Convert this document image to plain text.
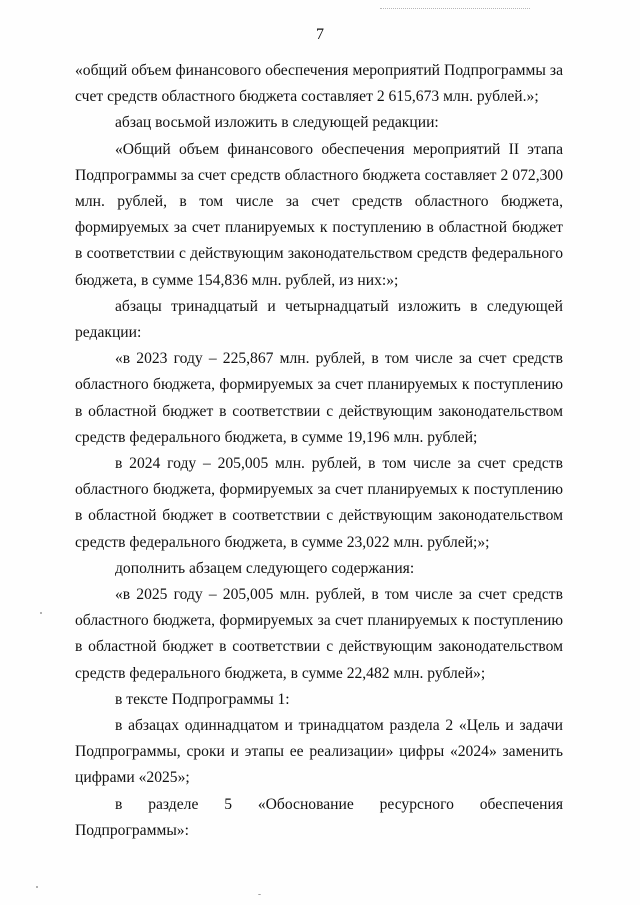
7

«общий объем финансового обеспечения мероприятий Подпрограммы за счет средств областного бюджета составляет 2 615,673 млн. рублей.»;

абзац восьмой изложить в следующей редакции:

«Общий объем финансового обеспечения мероприятий II этапа Подпрограммы за счет средств областного бюджета составляет 2 072,300 млн. рублей, в том числе за счет средств областного бюджета, формируемых за счет планируемых к поступлению в областной бюджет в соответствии с действующим законодательством средств федерального бюджета, в сумме 154,836 млн. рублей, из них:»;

абзацы тринадцатый и четырнадцатый изложить в следующей редакции:

«в 2023 году – 225,867 млн. рублей, в том числе за счет средств областного бюджета, формируемых за счет планируемых к поступлению в областной бюджет в соответствии с действующим законодательством средств федерального бюджета, в сумме 19,196 млн. рублей;

в 2024 году – 205,005 млн. рублей, в том числе за счет средств областного бюджета, формируемых за счет планируемых к поступлению в областной бюджет в соответствии с действующим законодательством средств федерального бюджета, в сумме 23,022 млн. рублей;»;

дополнить абзацем следующего содержания:

«в 2025 году – 205,005 млн. рублей, в том числе за счет средств областного бюджета, формируемых за счет планируемых к поступлению в областной бюджет в соответствии с действующим законодательством средств федерального бюджета, в сумме 22,482 млн. рублей»;

в тексте Подпрограммы 1:

в абзацах одиннадцатом и тринадцатом раздела 2 «Цель и задачи Подпрограммы, сроки и этапы ее реализации» цифры «2024» заменить цифрами «2025»;

в разделе 5 «Обоснование ресурсного обеспечения Подпрограммы»:
